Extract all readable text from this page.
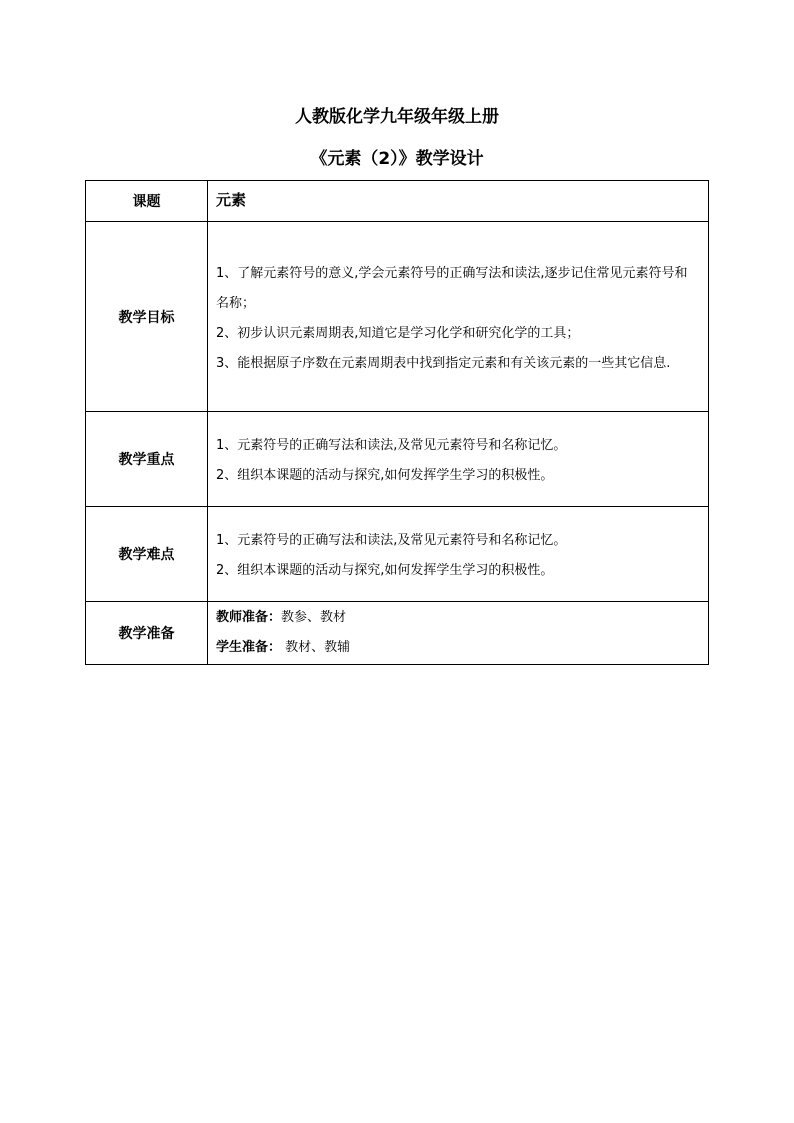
人教版化学九年级年级上册
《元素（2）》教学设计
课题	元素
教学目标	1、了解元素符号的意义,学会元素符号的正确写法和读法,逐步记住常见元素符号和名称；
2、初步认识元素周期表,知道它是学习化学和研究化学的工具；
3、能根据原子序数在元素周期表中找到指定元素和有关该元素的一些其它信息.

教学重点	1、元素符号的正确写法和读法,及常见元素符号和名称记忆。
2、组织本课题的活动与探究,如何发挥学生学习的积极性。

教学难点	1、元素符号的正确写法和读法,及常见元素符号和名称记忆。
2、组织本课题的活动与探究,如何发挥学生学习的积极性。

教学准备	教师准备：教参、教材
学生准备： 教材、教辅
